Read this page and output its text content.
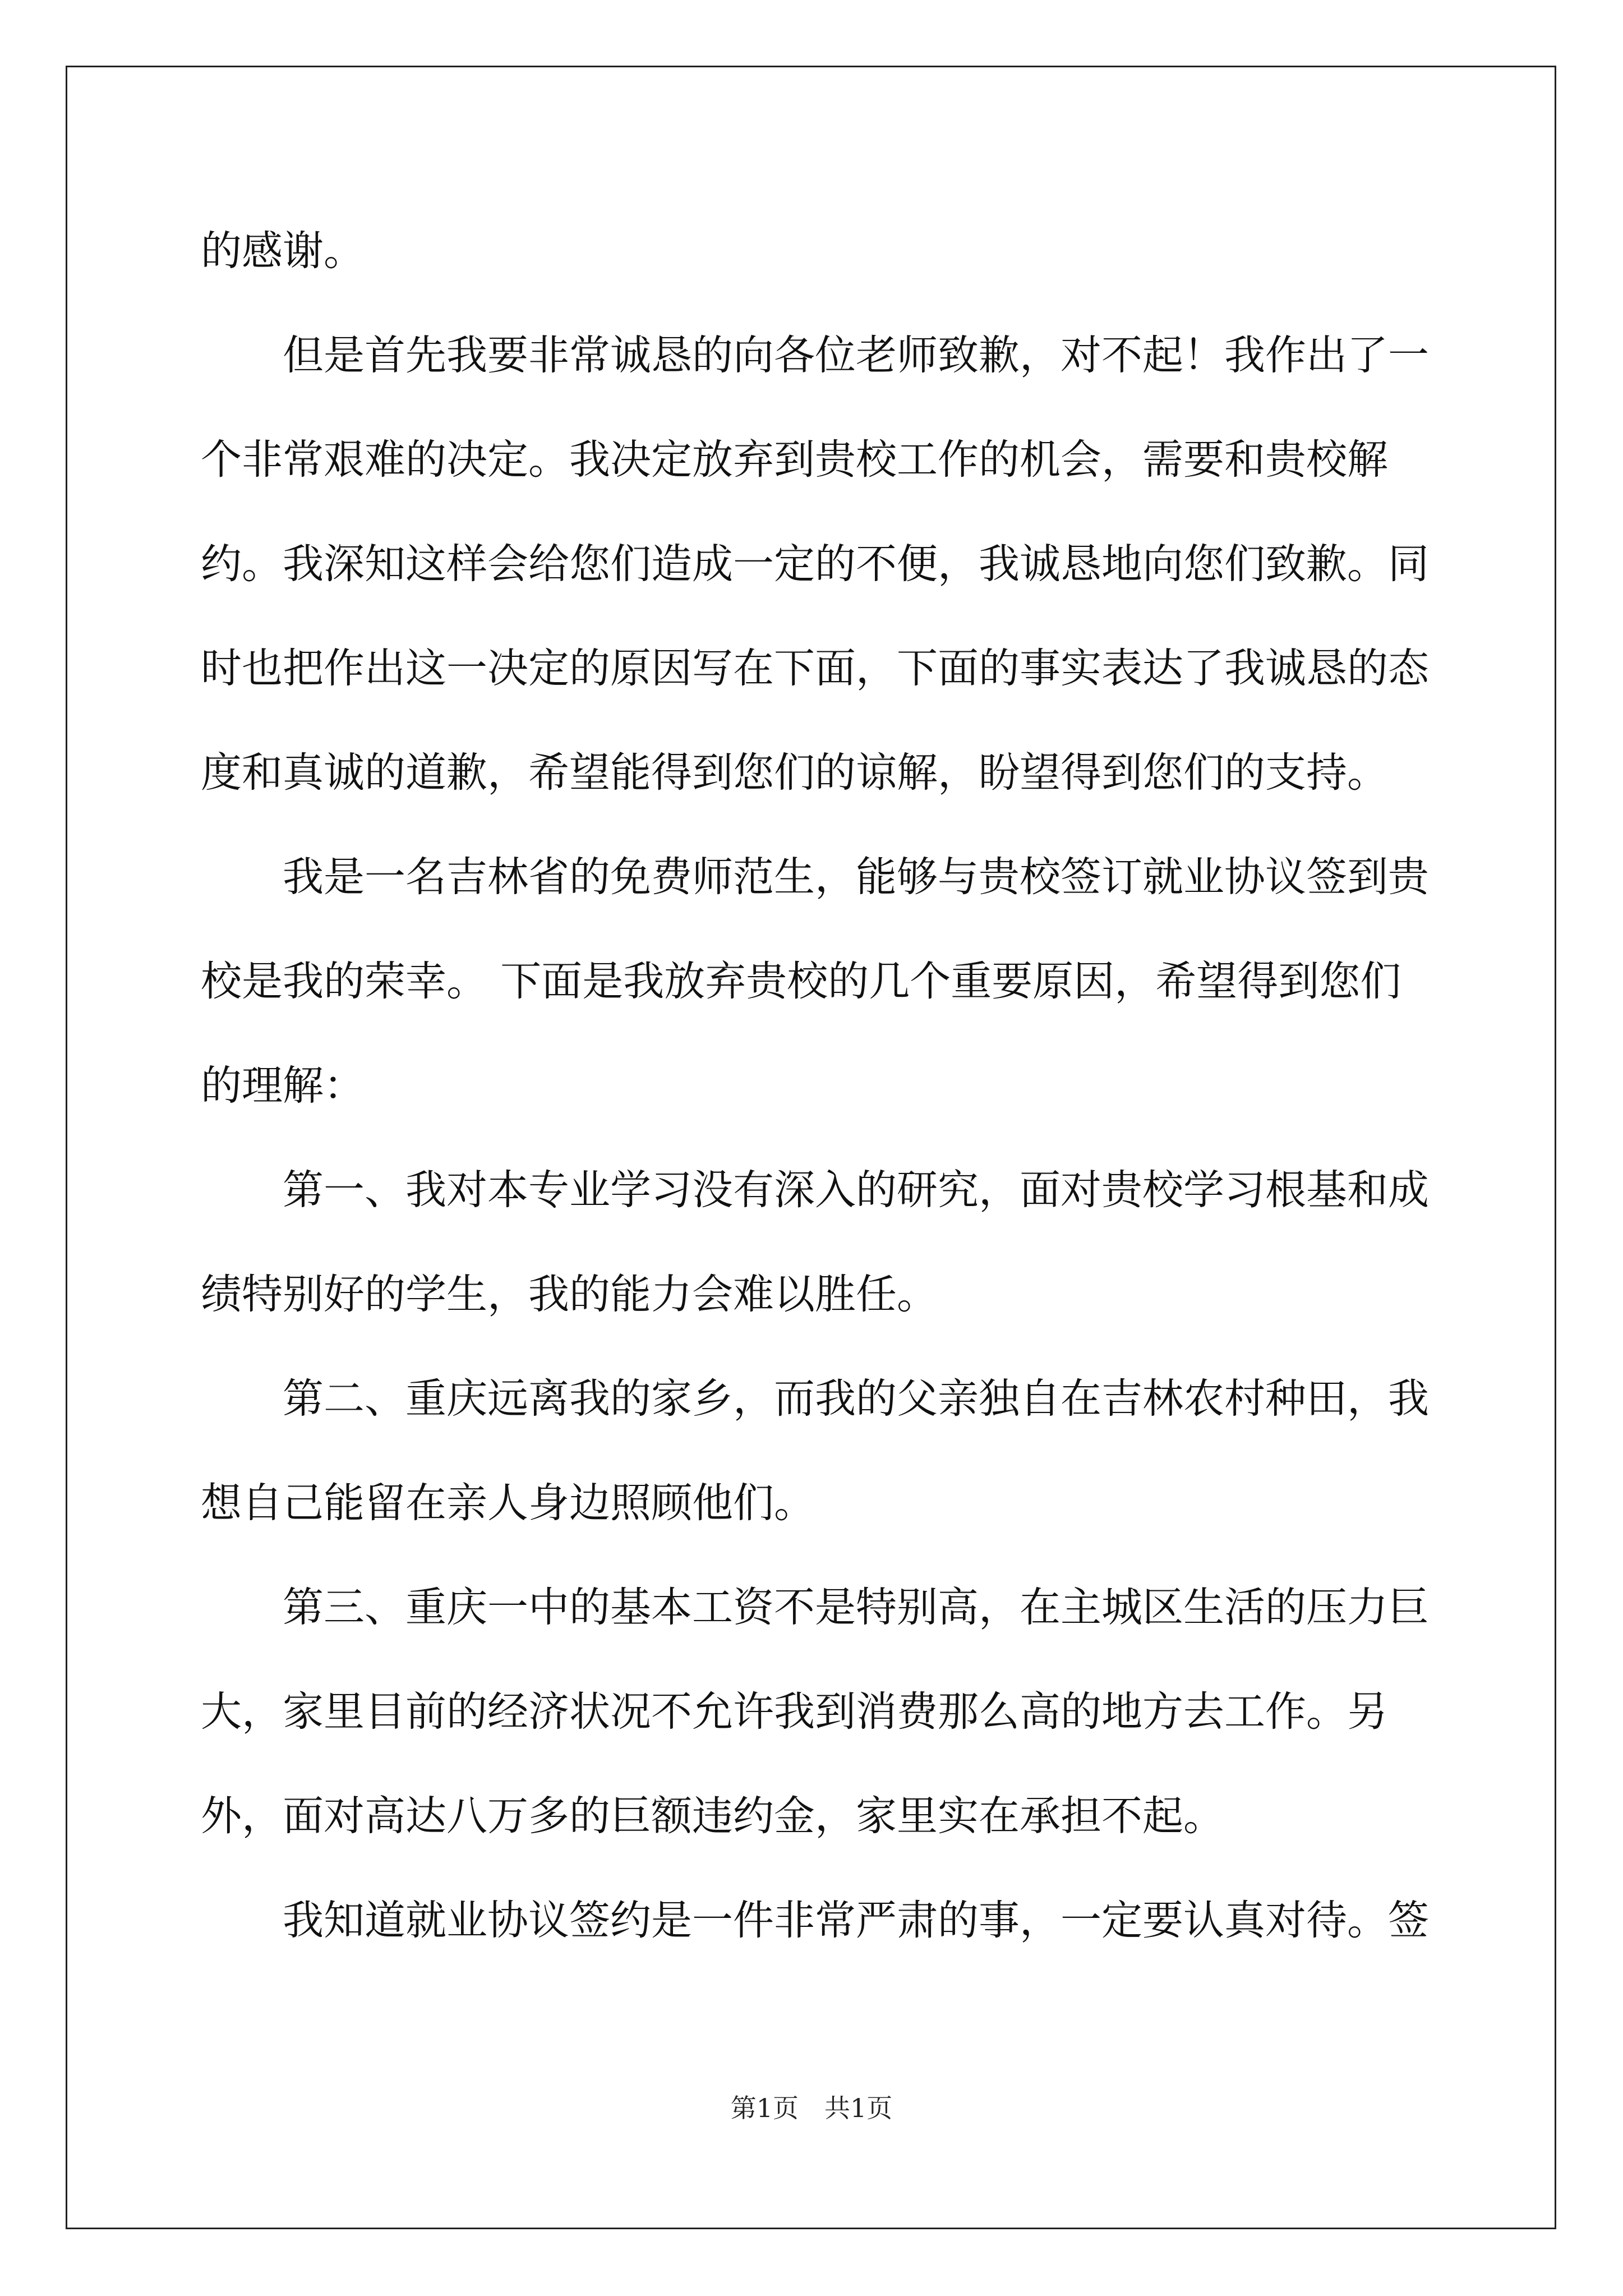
的感谢。

但是首先我要非常诚恳的向各位老师致歉，对不起！我作出了一个非常艰难的决定。我决定放弃到贵校工作的机会，需要和贵校解约。我深知这样会给您们造成一定的不便，我诚恳地向您们致歉。同时也把作出这一决定的原因写在下面，下面的事实表达了我诚恳的态度和真诚的道歉，希望能得到您们的谅解，盼望得到您们的支持。

我是一名吉林省的免费师范生，能够与贵校签订就业协议签到贵校是我的荣幸。 下面是我放弃贵校的几个重要原因，希望得到您们的理解：

第一、我对本专业学习没有深入的研究，面对贵校学习根基和成绩特别好的学生，我的能力会难以胜任。

第二、重庆远离我的家乡，而我的父亲独自在吉林农村种田，我想自己能留在亲人身边照顾他们。

第三、重庆一中的基本工资不是特别高，在主城区生活的压力巨大，家里目前的经济状况不允许我到消费那么高的地方去工作。另外，面对高达八万多的巨额违约金，家里实在承担不起。

我知道就业协议签约是一件非常严肃的事，一定要认真对待。签

第1页　共1页
